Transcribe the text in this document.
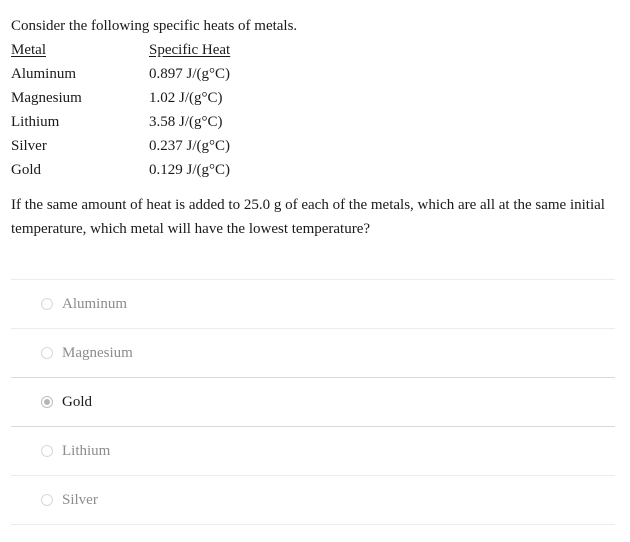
Consider the following specific heats of metals.

Metal	Specific Heat
Aluminum	0.897 J/(g°C)
Magnesium	1.02 J/(g°C)
Lithium	3.58 J/(g°C)
Silver	0.237 J/(g°C)
Gold	0.129 J/(g°C)

If the same amount of heat is added to 25.0 g of each of the metals, which are all at the same initial temperature, which metal will have the lowest temperature?

Aluminum
Magnesium
Gold
Lithium
Silver
